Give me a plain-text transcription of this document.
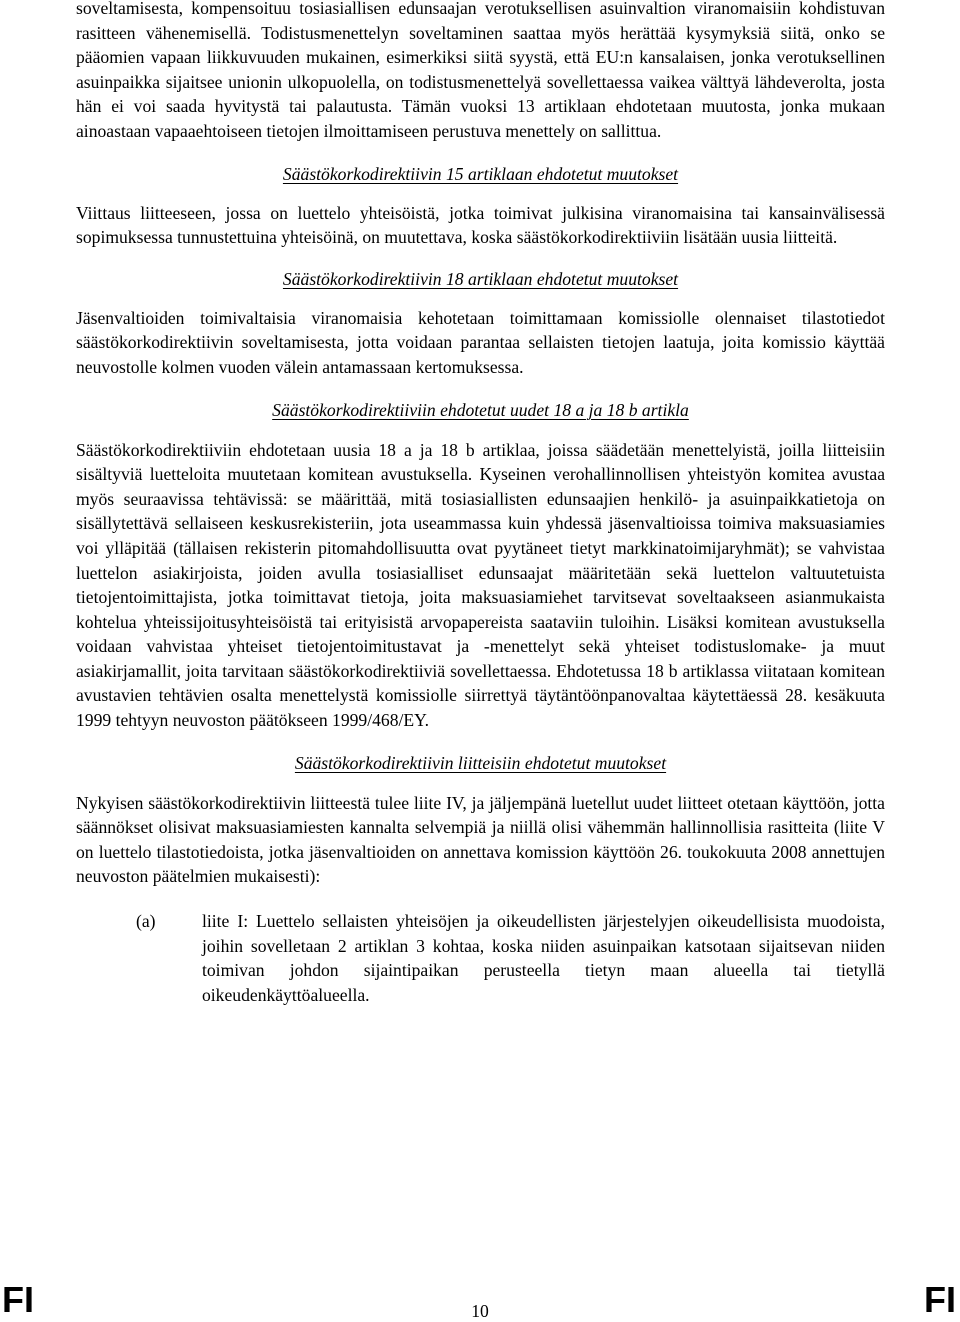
soveltamisesta, kompensoituu tosiasiallisen edunsaajan verotuksellisen asuinvaltion viranomaisiin kohdistuvan rasitteen vähenemisellä. Todistusmenettelyn soveltaminen saattaa myös herättää kysymyksiä siitä, onko se pääomien vapaan liikkuvuuden mukainen, esimerkiksi siitä syystä, että EU:n kansalaisen, jonka verotuksellinen asuinpaikka sijaitsee unionin ulkopuolella, on todistusmenettelyä sovellettaessa vaikea välttyä lähdeverolta, josta hän ei voi saada hyvitystä tai palautusta. Tämän vuoksi 13 artiklaan ehdotetaan muutosta, jonka mukaan ainoastaan vapaaehtoiseen tietojen ilmoittamiseen perustuva menettely on sallittua.

Säästökorkodirektiivin 15 artiklaan ehdotetut muutokset

Viittaus liitteeseen, jossa on luettelo yhteisöistä, jotka toimivat julkisina viranomaisina tai kansainvälisessä sopimuksessa tunnustettuina yhteisöinä, on muutettava, koska säästökorkodirektiiviin lisätään uusia liitteitä.

Säästökorkodirektiivin 18 artiklaan ehdotetut muutokset

Jäsenvaltioiden toimivaltaisia viranomaisia kehotetaan toimittamaan komissiolle olennaiset tilastotiedot säästökorkodirektiivin soveltamisesta, jotta voidaan parantaa sellaisten tietojen laatuja, joita komissio käyttää neuvostolle kolmen vuoden välein antamassaan kertomuksessa.

Säästökorkodirektiiviin ehdotetut uudet 18 a ja 18 b artikla

Säästökorkodirektiiviin ehdotetaan uusia 18 a ja 18 b artiklaa, joissa säädetään menettelyistä, joilla liitteisiin sisältyviä luetteloita muutetaan komitean avustuksella. Kyseinen verohallinnollisen yhteistyön komitea avustaa myös seuraavissa tehtävissä: se määrittää, mitä tosiasiallisten edunsaajien henkilö- ja asuinpaikkatietoja on sisällytettävä sellaiseen keskusrekisteriin, jota useammassa kuin yhdessä jäsenvaltioissa toimiva maksuasiamies voi ylläpitää (tällaisen rekisterin pitomahdollisuutta ovat pyytäneet tietyt markkinatoimijaryhmät); se vahvistaa luettelon asiakirjoista, joiden avulla tosiasialliset edunsaajat määritetään sekä luettelon valtuutetuista tietojentoimittajista, jotka toimittavat tietoja, joita maksuasiamiehet tarvitsevat soveltaakseen asianmukaista kohtelua yhteissijoitusyhteisöistä tai erityisistä arvopapereista saataviin tuloihin. Lisäksi komitean avustuksella voidaan vahvistaa yhteiset tietojentoimitustavat ja -menettelyt sekä yhteiset todistuslomake- ja muut asiakirjamallit, joita tarvitaan säästökorkodirektiiviä sovellettaessa. Ehdotetussa 18 b artiklassa viitataan komitean avustavien tehtävien osalta menettelystä komissiolle siirrettyä täytäntöönpanovaltaa käytettäessä 28. kesäkuuta 1999 tehtyyn neuvoston päätökseen 1999/468/EY.

Säästökorkodirektiivin liitteisiin ehdotetut muutokset

Nykyisen säästökorkodirektiivin liitteestä tulee liite IV, ja jäljempänä luetellut uudet liitteet otetaan käyttöön, jotta säännökset olisivat maksuasiamiesten kannalta selvempiä ja niillä olisi vähemmän hallinnollisia rasitteita (liite V on luettelo tilastotiedoista, jotka jäsenvaltioiden on annettava komission käyttöön 26. toukokuuta 2008 annettujen neuvoston päätelmien mukaisesti):

(a)	liite I: Luettelo sellaisten yhteisöjen ja oikeudellisten järjestelyjen oikeudellisista muodoista, joihin sovelletaan 2 artiklan 3 kohtaa, koska niiden asuinpaikan katsotaan sijaitsevan niiden toimivan johdon sijaintipaikan perusteella tietyn maan alueella tai tietyllä oikeudenkäyttöalueella.
FI	10	FI
